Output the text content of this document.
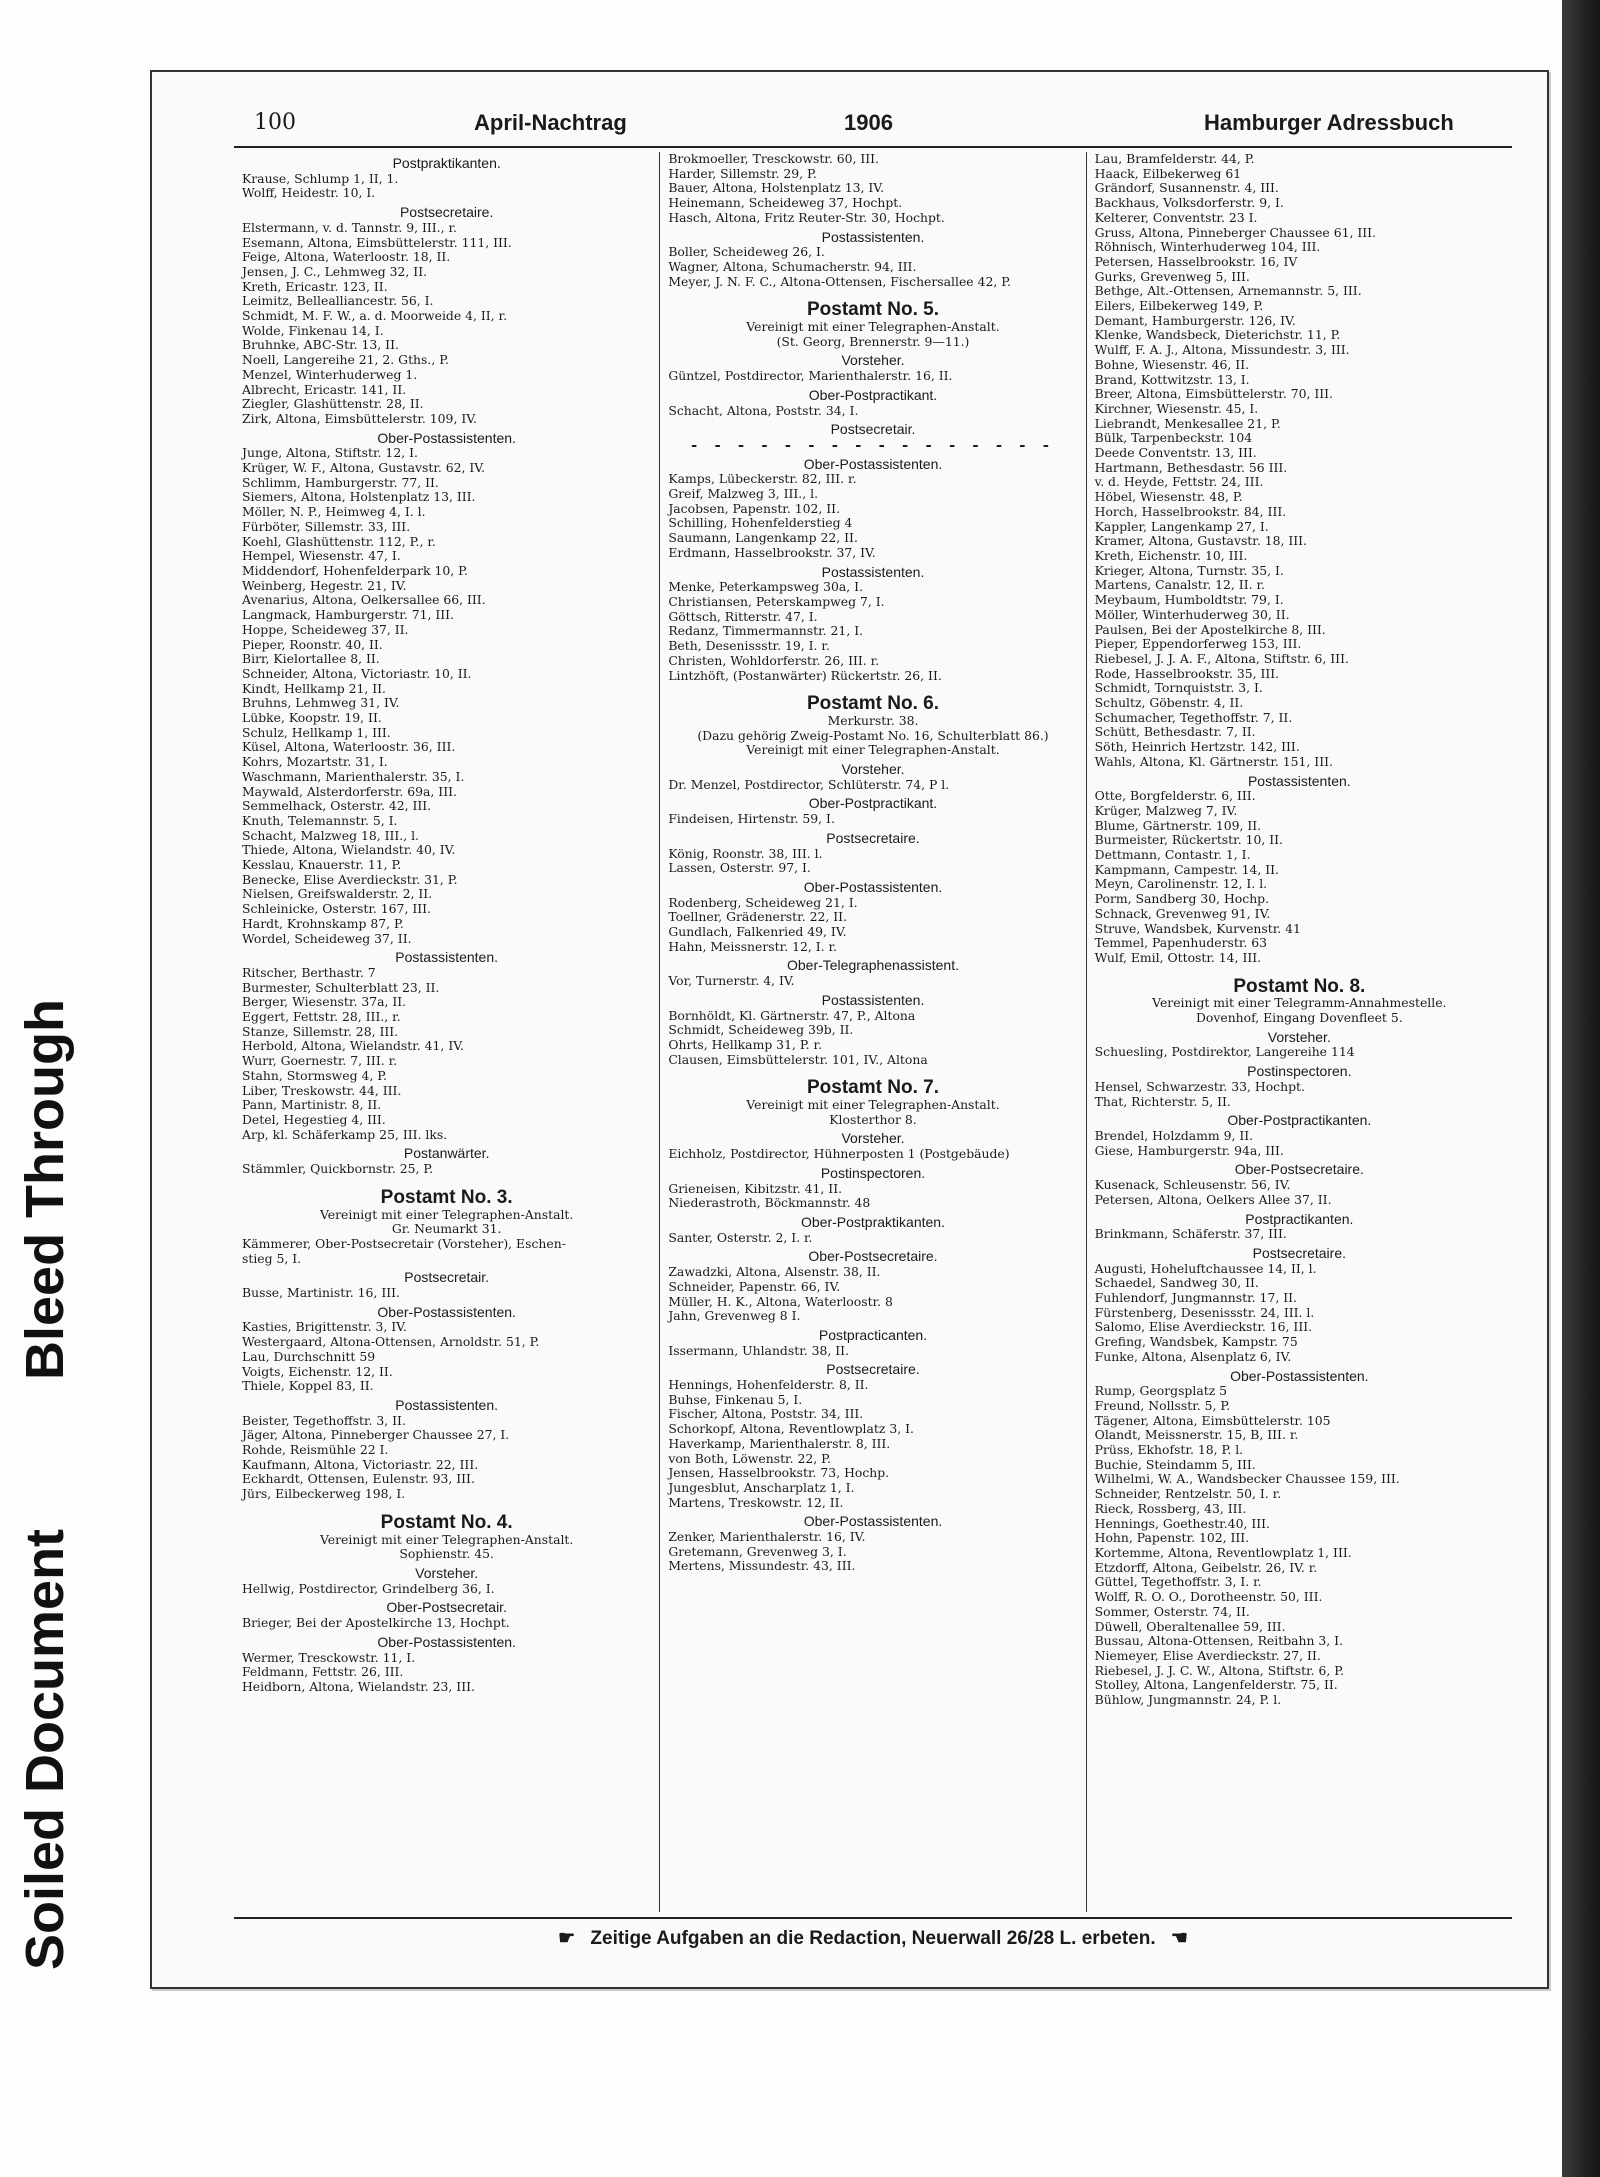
Soiled Document
Bleed Through
100	April-Nachtrag	1906	Hamburger Adressbuch
Postpraktikanten.
Krause, Schlump 1, II, 1.
Wolff, Heidestr. 10, I.
Postsecretaire.
Elstermann, v. d. Tannstr. 9, III., r.
Esemann, Altona, Eimsbüttelerstr. 111, III.
Feige, Altona, Waterloostr. 18, II.
Jensen, J. C., Lehmweg 32, II.
Kreth, Ericastr. 123, II.
Leimitz, Bellealliancestr. 56, I.
Schmidt, M. F. W., a. d. Moorweide 4, II, r.
Wolde, Finkenau 14, I.
Bruhnke, ABC-Str. 13, II.
Noell, Langereihe 21, 2. Gths., P.
Menzel, Winterhuderweg 1.
Albrecht, Ericastr. 141, II.
Ziegler, Glashüttenstr. 28, II.
Zirk, Altona, Eimsbüttelerstr. 109, IV.
Ober-Postassistenten.
Junge, Altona, Stiftstr. 12, I.
Krüger, W. F., Altona, Gustavstr. 62, IV.
Schlimm, Hamburgerstr. 77, II.
Siemers, Altona, Holstenplatz 13, III.
Möller, N. P., Heimweg 4, I. l.
Fürböter, Sillemstr. 33, III.
Koehl, Glashüttenstr. 112, P., r.
Hempel, Wiesenstr. 47, I.
Middendorf, Hohenfelderpark 10, P.
Weinberg, Hegestr. 21, IV.
Avenarius, Altona, Oelkersallee 66, III.
Langmack, Hamburgerstr. 71, III.
Hoppe, Scheideweg 37, II.
Pieper, Roonstr. 40, II.
Birr, Kielortallee 8, II.
Schneider, Altona, Victoriastr. 10, II.
Kindt, Hellkamp 21, II.
Bruhns, Lehmweg 31, IV.
Lübke, Koopstr. 19, II.
Schulz, Hellkamp 1, III.
Küsel, Altona, Waterloostr. 36, III.
Kohrs, Mozartstr. 31, I.
Waschmann, Marienthalerstr. 35, I.
Maywald, Alsterdorferstr. 69a, III.
Semmelhack, Osterstr. 42, III.
Knuth, Telemannstr. 5, I.
Schacht, Malzweg 18, III., l.
Thiede, Altona, Wielandstr. 40, IV.
Kesslau, Knauerstr. 11, P.
Benecke, Elise Averdieckstr. 31, P.
Nielsen, Greifswalderstr. 2, II.
Schleinicke, Osterstr. 167, III.
Hardt, Krohnskamp 87, P.
Wordel, Scheideweg 37, II.
Postassistenten.
Ritscher, Berthastr. 7
Burmester, Schulterblatt 23, II.
Berger, Wiesenstr. 37a, II.
Eggert, Fettstr. 28, III., r.
Stanze, Sillemstr. 28, III.
Herbold, Altona, Wielandstr. 41, IV.
Wurr, Goernestr. 7, III. r.
Stahn, Stormsweg 4, P.
Liber, Treskowstr. 44, III.
Pann, Martinistr. 8, II.
Detel, Hegestieg 4, III.
Arp, kl. Schäferkamp 25, III. lks.
Postanwärter.
Stämmler, Quickbornstr. 25, P.
Postamt No. 3.
Vereinigt mit einer Telegraphen-Anstalt.
Gr. Neumarkt 31.
Kämmerer, Ober-Postsecretair (Vorsteher), Eschen-
stieg 5, I.
Postsecretair.
Busse, Martinistr. 16, III.
Ober-Postassistenten.
Kasties, Brigittenstr. 3, IV.
Westergaard, Altona-Ottensen, Arnoldstr. 51, P.
Lau, Durchschnitt 59
Voigts, Eichenstr. 12, II.
Thiele, Koppel 83, II.
Postassistenten.
Beister, Tegethoffstr. 3, II.
Jäger, Altona, Pinneberger Chaussee 27, I.
Rohde, Reismühle 22 I.
Kaufmann, Altona, Victoriastr. 22, III.
Eckhardt, Ottensen, Eulenstr. 93, III.
Jürs, Eilbeckerweg 198, I.
Postamt No. 4.
Vereinigt mit einer Telegraphen-Anstalt.
Sophienstr. 45.
Vorsteher.
Hellwig, Postdirector, Grindelberg 36, I.
Ober-Postsecretair.
Brieger, Bei der Apostelkirche 13, Hochpt.
Ober-Postassistenten.
Wermer, Tresckowstr. 11, I.
Feldmann, Fettstr. 26, III.
Heidborn, Altona, Wielandstr. 23, III.
Brokmoeller, Tresckowstr. 60, III.
Harder, Sillemstr. 29, P.
Bauer, Altona, Holstenplatz 13, IV.
Heinemann, Scheideweg 37, Hochpt.
Hasch, Altona, Fritz Reuter-Str. 30, Hochpt.
Postassistenten.
Boller, Scheideweg 26, I.
Wagner, Altona, Schumacherstr. 94, III.
Meyer, J. N. F. C., Altona-Ottensen, Fischersallee 42, P.
Postamt No. 5.
Vereinigt mit einer Telegraphen-Anstalt.
(St. Georg, Brennerstr. 9—11.)
Vorsteher.
Güntzel, Postdirector, Marienthalerstr. 16, II.
Ober-Postpractikant.
Schacht, Altona, Poststr. 34, I.
Postsecretair.
- - - - - - - - - - - - - - - -
Ober-Postassistenten.
Kamps, Lübeckerstr. 82, III. r.
Greif, Malzweg 3, III., l.
Jacobsen, Papenstr. 102, II.
Schilling, Hohenfelderstieg 4
Saumann, Langenkamp 22, II.
Erdmann, Hasselbrookstr. 37, IV.
Postassistenten.
Menke, Peterkampsweg 30a, I.
Christiansen, Peterskampweg 7, I.
Göttsch, Ritterstr. 47, I.
Redanz, Timmermannstr. 21, I.
Beth, Desenissstr. 19, I. r.
Christen, Wohldorferstr. 26, III. r.
Lintzhöft, (Postanwärter) Rückertstr. 26, II.
Postamt No. 6.
Merkurstr. 38.
(Dazu gehörig Zweig-Postamt No. 16, Schulterblatt 86.)
Vereinigt mit einer Telegraphen-Anstalt.
Vorsteher.
Dr. Menzel, Postdirector, Schlüterstr. 74, P l.
Ober-Postpractikant.
Findeisen, Hirtenstr. 59, I.
Postsecretaire.
König, Roonstr. 38, III. l.
Lassen, Osterstr. 97, I.
Ober-Postassistenten.
Rodenberg, Scheideweg 21, I.
Toellner, Grädenerstr. 22, II.
Gundlach, Falkenried 49, IV.
Hahn, Meissnerstr. 12, I. r.
Ober-Telegraphenassistent.
Vor, Turnerstr. 4, IV.
Postassistenten.
Bornhöldt, Kl. Gärtnerstr. 47, P., Altona
Schmidt, Scheideweg 39b, II.
Ohrts, Hellkamp 31, P. r.
Clausen, Eimsbüttelerstr. 101, IV., Altona
Postamt No. 7.
Vereinigt mit einer Telegraphen-Anstalt.
Klosterthor 8.
Vorsteher.
Eichholz, Postdirector, Hühnerposten 1 (Postgebäude)
Postinspectoren.
Grieneisen, Kibitzstr. 41, II.
Niederastroth, Böckmannstr. 48
Ober-Postpraktikanten.
Santer, Osterstr. 2, I. r.
Ober-Postsecretaire.
Zawadzki, Altona, Alsenstr. 38, II.
Schneider, Papenstr. 66, IV.
Müller, H. K., Altona, Waterloostr. 8
Jahn, Grevenweg 8 I.
Postpracticanten.
Issermann, Uhlandstr. 38, II.
Postsecretaire.
Hennings, Hohenfelderstr. 8, II.
Buhse, Finkenau 5, I.
Fischer, Altona, Poststr. 34, III.
Schorkopf, Altona, Reventlowplatz 3, I.
Haverkamp, Marienthalerstr. 8, III.
von Both, Löwenstr. 22, P.
Jensen, Hasselbrookstr. 73, Hochp.
Jungesblut, Anscharplatz 1, I.
Martens, Treskowstr. 12, II.
Ober-Postassistenten.
Zenker, Marienthalerstr. 16, IV.
Gretemann, Grevenweg 3, I.
Mertens, Missundestr. 43, III.
Lau, Bramfelderstr. 44, P.
Haack, Eilbekerweg 61
Grändorf, Susannenstr. 4, III.
Backhaus, Volksdorferstr. 9, I.
Kelterer, Conventstr. 23 I.
Gruss, Altona, Pinneberger Chaussee 61, III.
Röhnisch, Winterhuderweg 104, III.
Petersen, Hasselbrookstr. 16, IV
Gurks, Grevenweg 5, III.
Bethge, Alt.-Ottensen, Arnemannstr. 5, III.
Eilers, Eilbekerweg 149, P.
Demant, Hamburgerstr. 126, IV.
Klenke, Wandsbeck, Dieterichstr. 11, P.
Wulff, F. A. J., Altona, Missundestr. 3, III.
Bohne, Wiesenstr. 46, II.
Brand, Kottwitzstr. 13, I.
Breer, Altona, Eimsbüttelerstr. 70, III.
Kirchner, Wiesenstr. 45, I.
Liebrandt, Menkesallee 21, P.
Bülk, Tarpenbeckstr. 104
Deede Conventstr. 13, III.
Hartmann, Bethesdastr. 56 III.
v. d. Heyde, Fettstr. 24, III.
Höbel, Wiesenstr. 48, P.
Horch, Hasselbrookstr. 84, III.
Kappler, Langenkamp 27, I.
Kramer, Altona, Gustavstr. 18, III.
Kreth, Eichenstr. 10, III.
Krieger, Altona, Turnstr. 35, I.
Martens, Canalstr. 12, II. r.
Meybaum, Humboldtstr. 79, I.
Möller, Winterhuderweg 30, II.
Paulsen, Bei der Apostelkirche 8, III.
Pieper, Eppendorferweg 153, III.
Riebesel, J. J. A. F., Altona, Stiftstr. 6, III.
Rode, Hasselbrookstr. 35, III.
Schmidt, Tornquiststr. 3, I.
Schultz, Göbenstr. 4, II.
Schumacher, Tegethoffstr. 7, II.
Schütt, Bethesdastr. 7, II.
Söth, Heinrich Hertzstr. 142, III.
Wahls, Altona, Kl. Gärtnerstr. 151, III.
Postassistenten.
Otte, Borgfelderstr. 6, III.
Krüger, Malzweg 7, IV.
Blume, Gärtnerstr. 109, II.
Burmeister, Rückertstr. 10, II.
Dettmann, Contastr. 1, I.
Kampmann, Campestr. 14, II.
Meyn, Carolinenstr. 12, I. l.
Porm, Sandberg 30, Hochp.
Schnack, Grevenweg 91, IV.
Struve, Wandsbek, Kurvenstr. 41
Temmel, Papenhuderstr. 63
Wulf, Emil, Ottostr. 14, III.
Postamt No. 8.
Vereinigt mit einer Telegramm-Annahmestelle.
Dovenhof, Eingang Dovenfleet 5.
Vorsteher.
Schuesling, Postdirektor, Langereihe 114
Postinspectoren.
Hensel, Schwarzestr. 33, Hochpt.
That, Richterstr. 5, II.
Ober-Postpractikanten.
Brendel, Holzdamm 9, II.
Giese, Hamburgerstr. 94a, III.
Ober-Postsecretaire.
Kusenack, Schleusenstr. 56, IV.
Petersen, Altona, Oelkers Allee 37, II.
Postpractikanten.
Brinkmann, Schäferstr. 37, III.
Postsecretaire.
Augusti, Hoheluftchaussee 14, II, l.
Schaedel, Sandweg 30, II.
Fuhlendorf, Jungmannstr. 17, II.
Fürstenberg, Desenissstr. 24, III. l.
Salomo, Elise Averdieckstr. 16, III.
Grefing, Wandsbek, Kampstr. 75
Funke, Altona, Alsenplatz 6, IV.
Ober-Postassistenten.
Rump, Georgsplatz 5
Freund, Nollsstr. 5, P.
Tägener, Altona, Eimsbüttelerstr. 105
Olandt, Meissnerstr. 15, B, III. r.
Prüss, Ekhofstr. 18, P. l.
Buchie, Steindamm 5, III.
Wilhelmi, W. A., Wandsbecker Chaussee 159, III.
Schneider, Rentzelstr. 50, I. r.
Rieck, Rossberg, 43, III.
Hennings, Goethestr.40, III.
Hohn, Papenstr. 102, III.
Kortemme, Altona, Reventlowplatz 1, III.
Etzdorff, Altona, Geibelstr. 26, IV. r.
Güttel, Tegethoffstr. 3, I. r.
Wolff, R. O. O., Dorotheenstr. 50, III.
Sommer, Osterstr. 74, II.
Düwell, Oberaltenallee 59, III.
Bussau, Altona-Ottensen, Reitbahn 3, I.
Niemeyer, Elise Averdieckstr. 27, II.
Riebesel, J. J. C. W., Altona, Stiftstr. 6, P.
Stolley, Altona, Langenfelderstr. 75, II.
Bühlow, Jungmannstr. 24, P. l.
☛ Zeitige Aufgaben an die Redaction, Neuerwall 26/28 L. erbeten. ☚
